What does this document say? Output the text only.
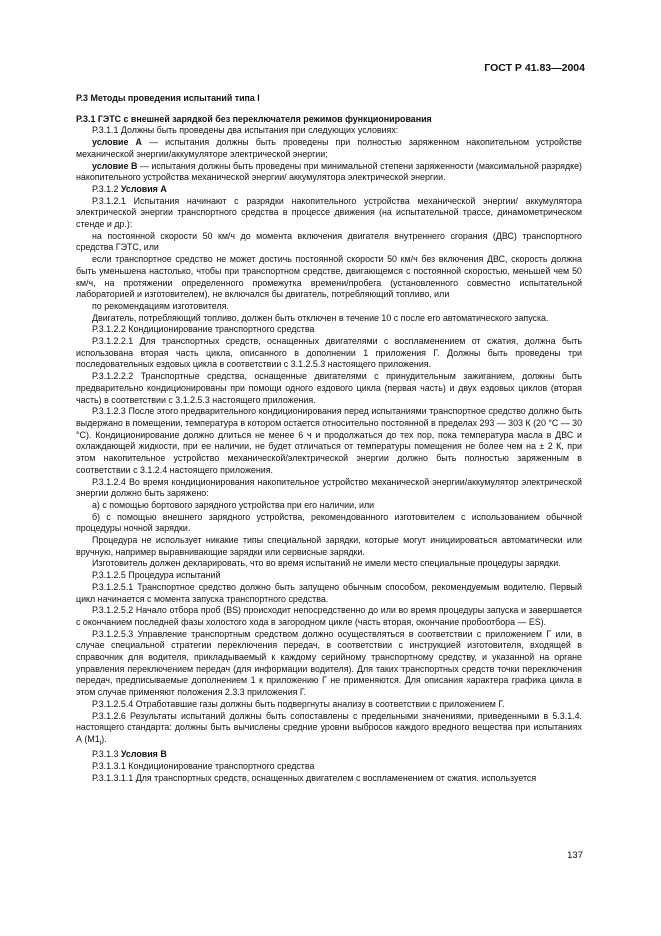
ГОСТ Р 41.83—2004

Р.3 Методы проведения испытаний типа I

Р.3.1 ГЭТС с внешней зарядкой без переключателя режимов функционирования

Р.3.1.1 Должны быть проведены два испытания при следующих условиях:

условие А — испытания должны быть проведены при полностью заряженном накопительном устройстве механической энергии/аккумуляторе электрической энергии;

условие В — испытания должны быть проведены при минимальной степени заряженности (максимальной разрядке) накопительного устройства механической энергии/ аккумулятора электрической энергии.

Р.3.1.2 Условия А

Р.3.1.2.1 Испытания начинают с разрядки накопительного устройства механической энергии/ аккумулятора электрической энергии транспортного средства в процессе движения (на испытательной трассе, динамометрическом стенде и др.):

на постоянной скорости 50 км/ч до момента включения двигателя внутреннего сгорания (ДВС) транспортного средства ГЭТС, или

если транспортное средство не может достичь постоянной скорости 50 км/ч без включения ДВС, скорость должна быть уменьшена настолько, чтобы при транспортном средстве, двигающемся с постоянной скоростью, меньшей чем 50 км/ч, на протяжении определенного промежутка времени/пробега (установленного совместно испытательной лабораторией и изготовителем), не включался бы двигатель, потребляющий топливо, или

по рекомендациям изготовителя.

Двигатель, потребляющий топливо, должен быть отключен в течение 10 с после его автоматического запуска.

Р.3.1.2.2 Кондиционирование транспортного средства

Р.3.1.2.2.1 Для транспортных средств, оснащенных двигателями с воспламенением от сжатия, должна быть использована вторая часть цикла, описанного в дополнении 1 приложения Г. Должны быть проведены три последовательных ездовых цикла в соответствии с 3.1.2.5.3 настоящего приложения.

Р.3.1.2.2.2 Транспортные средства, оснащенные двигателями с принудительным зажиганием, должны быть предварительно кондиционированы при помощи одного ездового цикла (первая часть) и двух ездовых циклов (вторая часть) в соответствии с 3.1.2.5.3 настоящего приложения.

Р.3.1.2.3 После этого предварительного кондиционирования перед испытаниями транспортное средство должно быть выдержано в помещении, температура в котором остается относительно постоянной в пределах 293 — 303 К (20 °С — 30 °С). Кондиционирование должно длиться не менее 6 ч и продолжаться до тех пор, пока температура масла в ДВС и охлаждающей жидкости, при ее наличии, не будет отличаться от температуры помещения не более чем на ± 2 К, при этом накопительное устройство механической/электрической энергии должно быть полностью заряженным в соответствии с 3.1.2.4 настоящего приложения.

Р.3.1.2.4 Во время кондиционирования накопительное устройство механической энергии/аккумулятор электрической энергии должно быть заряжено:

а) с помощью бортового зарядного устройства при его наличии, или

б) с помощью внешнего зарядного устройства, рекомендованного изготовителем с использованием обычной процедуры ночной зарядки.

Процедура не использует никакие типы специальной зарядки, которые могут инициироваться автоматически или вручную, например выравнивающие зарядки или сервисные зарядки.

Изготовитель должен декларировать, что во время испытаний не имели место специальные процедуры зарядки.

Р.3.1.2.5 Процедура испытаний

Р.3.1.2.5.1 Транспортное средство должно быть запущено обычным способом, рекомендуемым водителю. Первый цикл начинается с момента запуска транспортного средства.

Р.3.1.2.5.2 Начало отбора проб (BS) происходит непосредственно до или во время процедуры запуска и завершается с окончанием последней фазы холостого хода в загородном цикле (часть вторая, окончание пробоотбора — ES).

Р.3.1.2.5.3 Управление транспортным средством должно осуществляться в соответствии с приложением Г или, в случае специальной стратегии переключения передач, в соответствии с инструкцией изготовителя, входящей в справочник для водителя, прикладываемый к каждому серийному транспортному средству, и указанной на органе управления переключением передач (для информации водителя). Для таких транспортных средств точки переключения передач, предписываемые дополнением 1 к приложению Г не применяются. Для описания характера графика цикла в этом случае применяют положения 2.3.3 приложения Г.

Р.3.1.2.5.4 Отработавшие газы должны быть подвергнуты анализу в соответствии с приложением Г.

Р.3.1.2.6 Результаты испытаний должны быть сопоставлены с предельными значениями, приведенными в 5.3.1.4. настоящего стандарта: должны быть вычислены средние уровни выбросов каждого вредного вещества при испытаниях А $(M1_i)$.

Р.3.1.3 Условия В

Р.3.1.3.1 Кондиционирование транспортного средства

Р.3.1.3.1.1 Для транспортных средств, оснащенных двигателем с воспламенением от сжатия. используется

137
